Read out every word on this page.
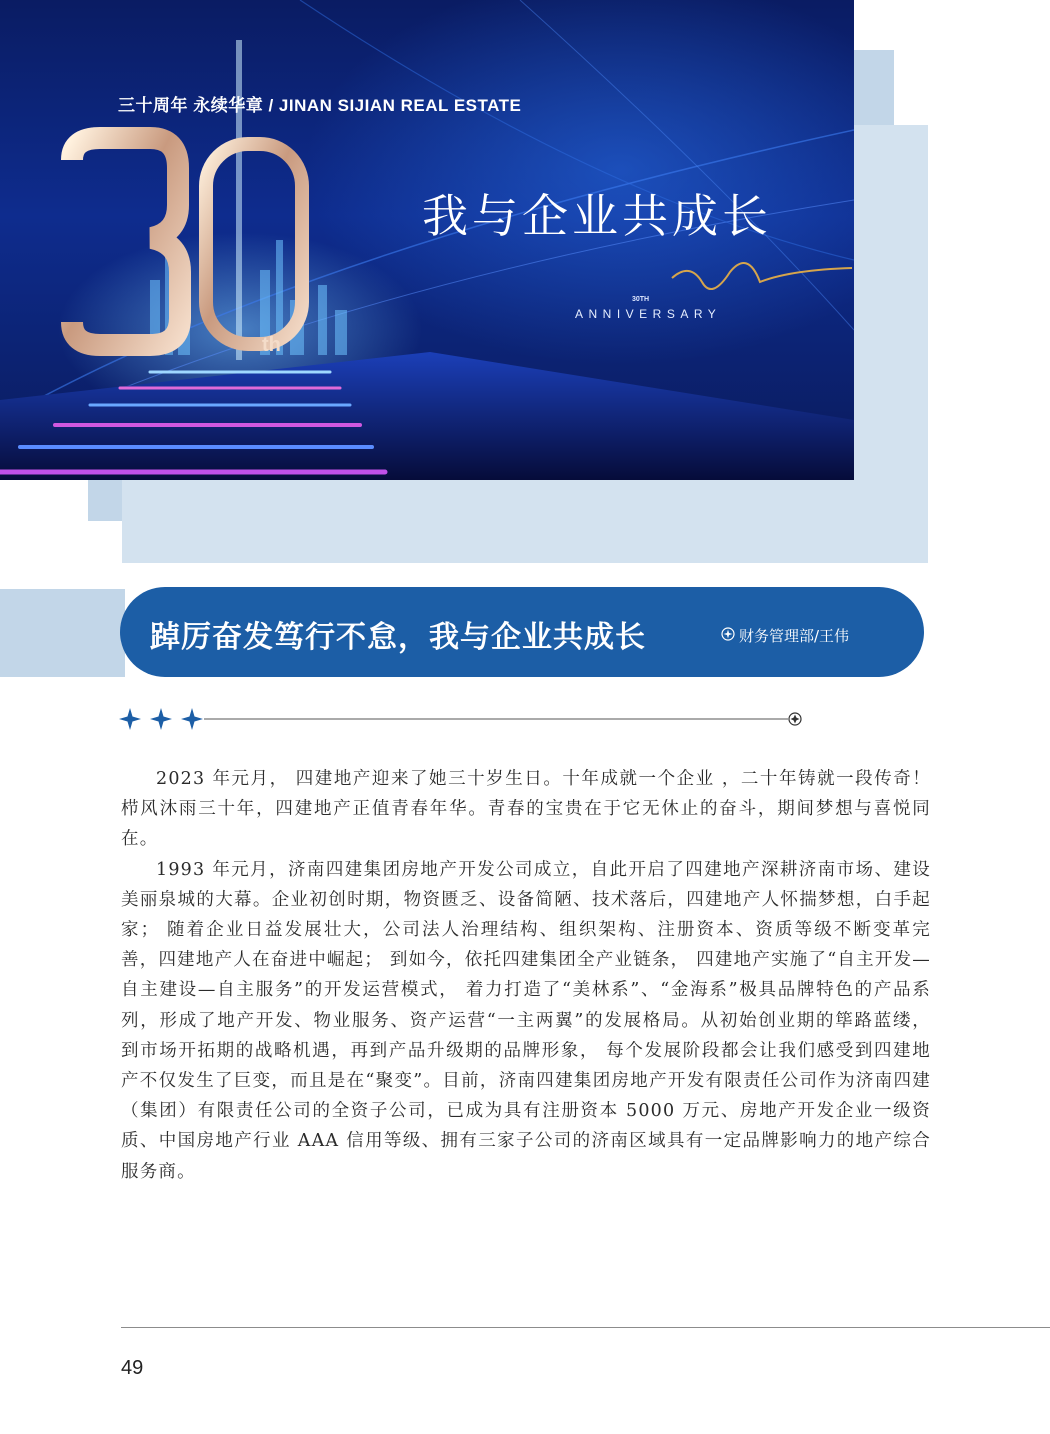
三十周年 永续华章 / JINAN SIJIAN REAL ESTATE
我与企业共成长
th
30TH
ANNIVERSARY
踔厉奋发笃行不怠，我与企业共成长	财务管理部/王伟

2023 年元月， 四建地产迎来了她三十岁生日。十年成就一个企业 ，二十年铸就一段传奇！ 栉风沐雨三十年，四建地产正值青春年华。青春的宝贵在于它无休止的奋斗，期间梦想与喜悦同在。

1993 年元月，济南四建集团房地产开发公司成立，自此开启了四建地产深耕济南市场、建设美丽泉城的大幕。企业初创时期，物资匮乏、设备简陋、技术落后，四建地产人怀揣梦想，白手起家； 随着企业日益发展壮大，公司法人治理结构、组织架构、注册资本、资质等级不断变革完善，四建地产人在奋进中崛起； 到如今，依托四建集团全产业链条， 四建地产实施了“自主开发—自主建设—自主服务”的开发运营模式， 着力打造了“美林系”、“金海系”极具品牌特色的产品系列，形成了地产开发、物业服务、资产运营“一主两翼”的发展格局。从初始创业期的筚路蓝缕， 到市场开拓期的战略机遇，再到产品升级期的品牌形象， 每个发展阶段都会让我们感受到四建地产不仅发生了巨变，而且是在“聚变”。目前，济南四建集团房地产开发有限责任公司作为济南四建（集团）有限责任公司的全资子公司，已成为具有注册资本 5000 万元、房地产开发企业一级资质、中国房地产行业 AAA 信用等级、拥有三家子公司的济南区域具有一定品牌影响力的地产综合服务商。

49
